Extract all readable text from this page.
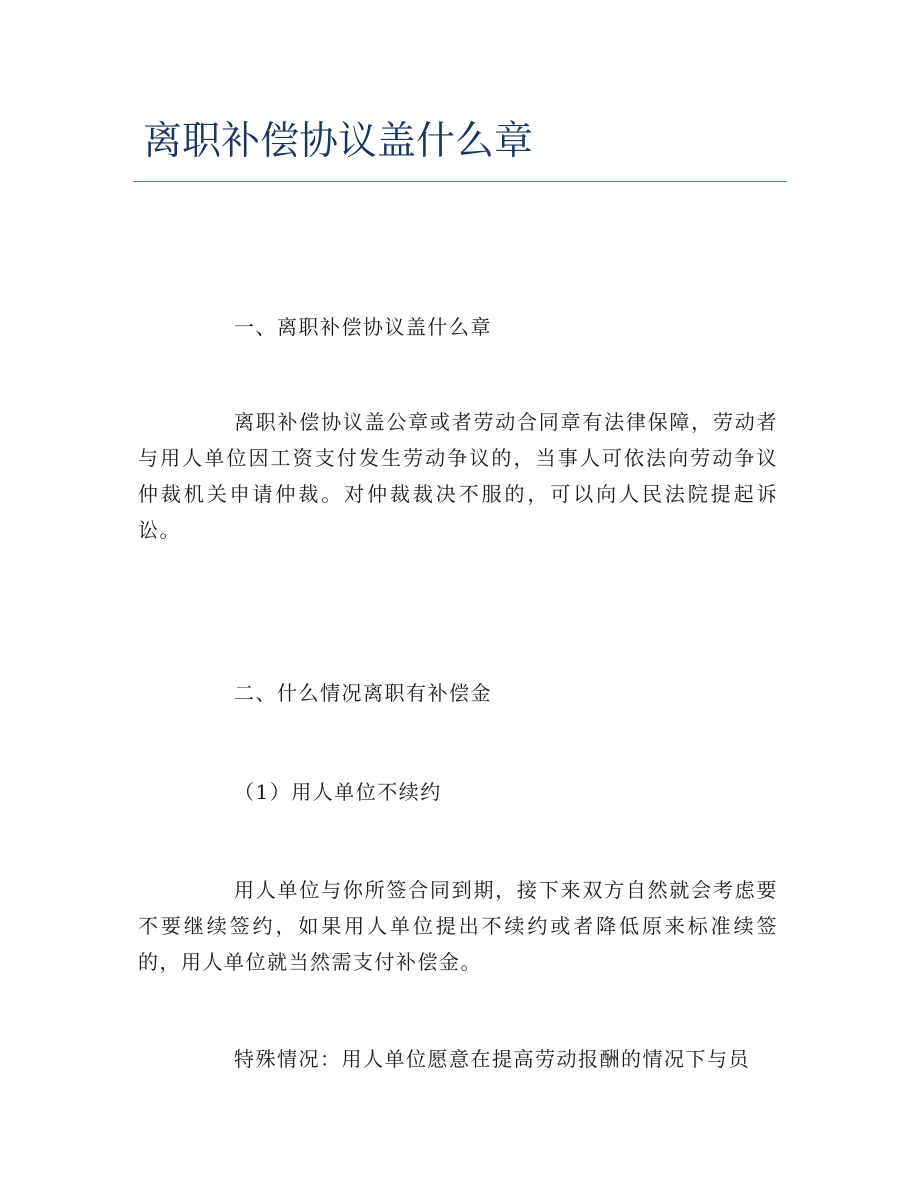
离职补偿协议盖什么章

一、离职补偿协议盖什么章

离职补偿协议盖公章或者劳动合同章有法律保障，劳动者与用人单位因工资支付发生劳动争议的，当事人可依法向劳动争议仲裁机关申请仲裁。对仲裁裁决不服的，可以向人民法院提起诉讼。

二、什么情况离职有补偿金

（1）用人单位不续约

用人单位与你所签合同到期，接下来双方自然就会考虑要不要继续签约，如果用人单位提出不续约或者降低原来标准续签的，用人单位就当然需支付补偿金。

特殊情况：用人单位愿意在提高劳动报酬的情况下与员
